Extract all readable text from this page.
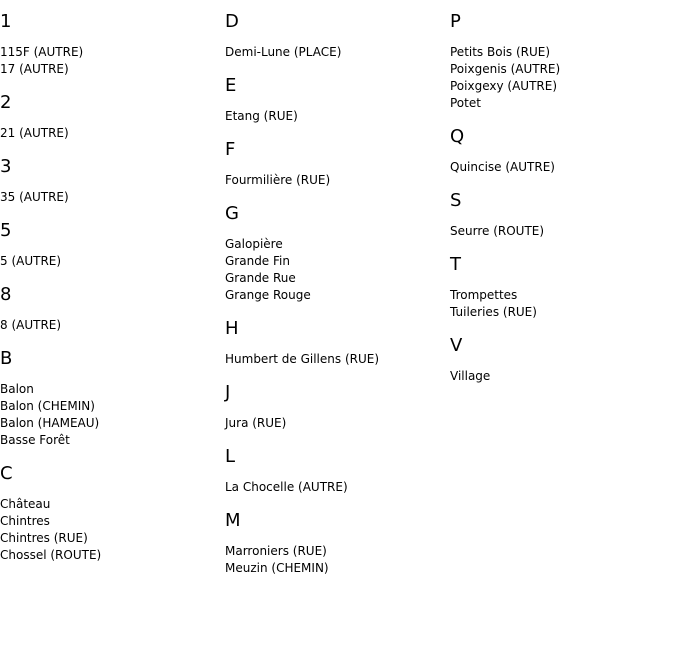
1
115F (AUTRE)
17 (AUTRE)
2
21 (AUTRE)
3
35 (AUTRE)
5
5 (AUTRE)
8
8 (AUTRE)
B
Balon
Balon (CHEMIN)
Balon (HAMEAU)
Basse Forêt
C
Château
Chintres
Chintres (RUE)
Chossel (ROUTE)
D
Demi-Lune (PLACE)
E
Etang (RUE)
F
Fourmilière (RUE)
G
Galopière
Grande Fin
Grande Rue
Grange Rouge
H
Humbert de Gillens (RUE)
J
Jura (RUE)
L
La Chocelle (AUTRE)
M
Marroniers (RUE)
Meuzin (CHEMIN)
P
Petits Bois (RUE)
Poixgenis (AUTRE)
Poixgexy (AUTRE)
Potet
Q
Quincise (AUTRE)
S
Seurre (ROUTE)
T
Trompettes
Tuileries (RUE)
V
Village
